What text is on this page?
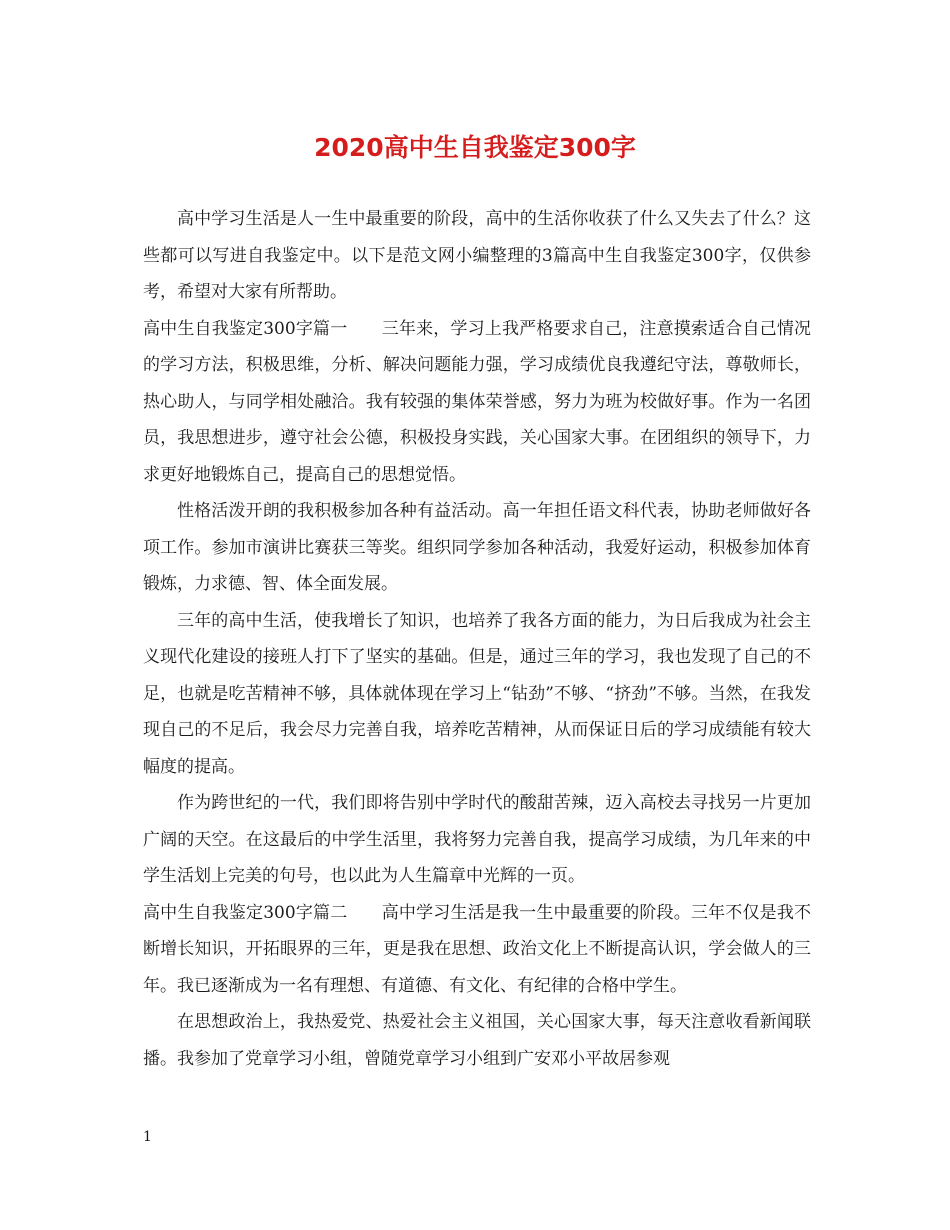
2020高中生自我鉴定300字

高中学习生活是人一生中最重要的阶段，高中的生活你收获了什么又失去了什么？这些都可以写进自我鉴定中。以下是范文网小编整理的3篇高中生自我鉴定300字，仅供参考，希望对大家有所帮助。

高中生自我鉴定300字篇一　　三年来，学习上我严格要求自己，注意摸索适合自己情况的学习方法，积极思维，分析、解决问题能力强，学习成绩优良我遵纪守法，尊敬师长，热心助人，与同学相处融洽。我有较强的集体荣誉感，努力为班为校做好事。作为一名团员，我思想进步，遵守社会公德，积极投身实践，关心国家大事。在团组织的领导下，力求更好地锻炼自己，提高自己的思想觉悟。

性格活泼开朗的我积极参加各种有益活动。高一年担任语文科代表，协助老师做好各项工作。参加市演讲比赛获三等奖。组织同学参加各种活动，我爱好运动，积极参加体育锻炼，力求德、智、体全面发展。

三年的高中生活，使我增长了知识，也培养了我各方面的能力，为日后我成为社会主义现代化建设的接班人打下了坚实的基础。但是，通过三年的学习，我也发现了自己的不足，也就是吃苦精神不够，具体就体现在学习上“钻劲”不够、“挤劲”不够。当然，在我发现自己的不足后，我会尽力完善自我，培养吃苦精神，从而保证日后的学习成绩能有较大幅度的提高。

作为跨世纪的一代，我们即将告别中学时代的酸甜苦辣，迈入高校去寻找另一片更加广阔的天空。在这最后的中学生活里，我将努力完善自我，提高学习成绩，为几年来的中学生活划上完美的句号，也以此为人生篇章中光辉的一页。

高中生自我鉴定300字篇二　　高中学习生活是我一生中最重要的阶段。三年不仅是我不断增长知识，开拓眼界的三年，更是我在思想、政治文化上不断提高认识，学会做人的三年。我已逐渐成为一名有理想、有道德、有文化、有纪律的合格中学生。

在思想政治上，我热爱党、热爱社会主义祖国，关心国家大事，每天注意收看新闻联播。我参加了党章学习小组，曾随党章学习小组到广安邓小平故居参观

1
